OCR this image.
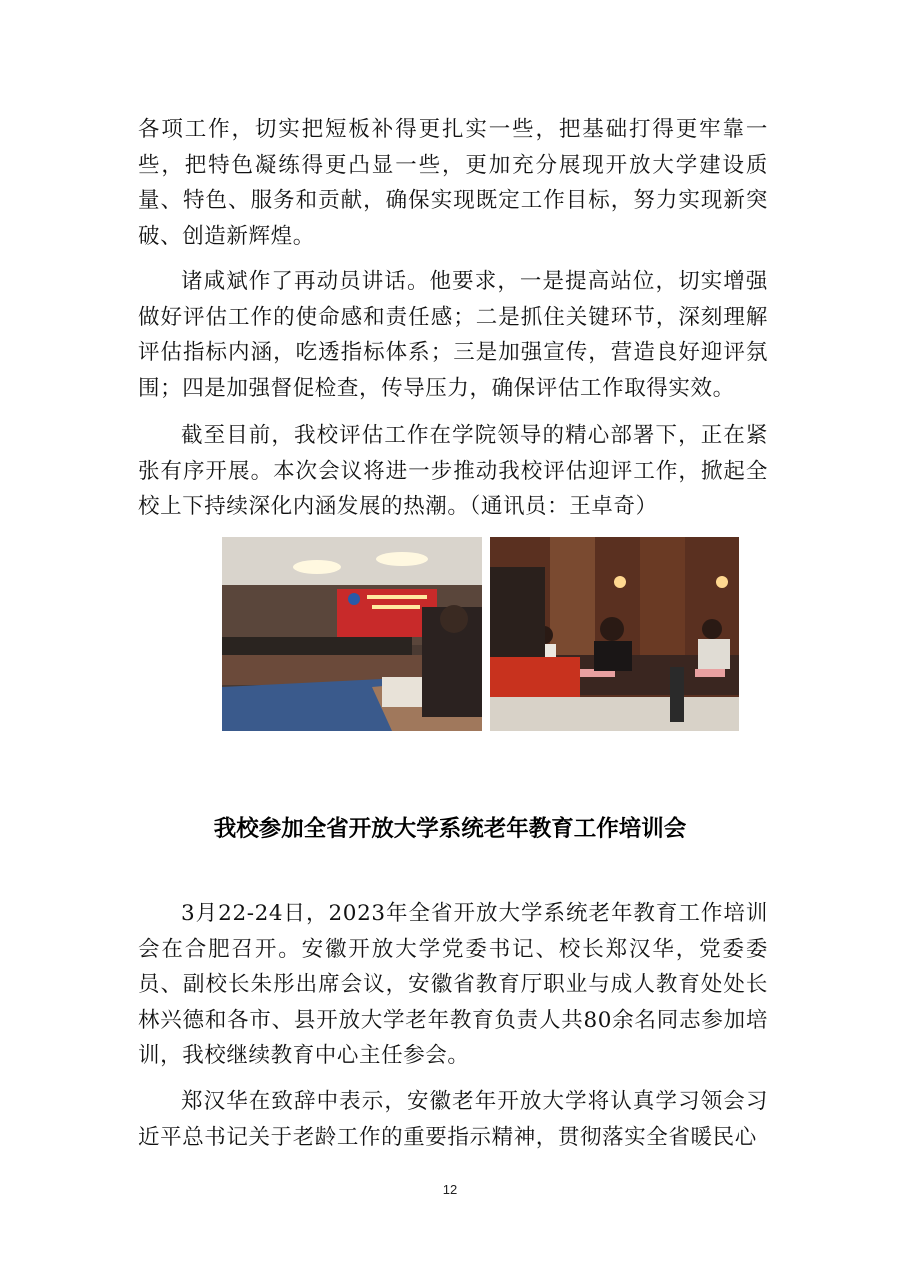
各项工作，切实把短板补得更扎实一些，把基础打得更牢靠一些，把特色凝练得更凸显一些，更加充分展现开放大学建设质量、特色、服务和贡献，确保实现既定工作目标，努力实现新突破、创造新辉煌。

诸咸斌作了再动员讲话。他要求，一是提高站位，切实增强做好评估工作的使命感和责任感；二是抓住关键环节，深刻理解评估指标内涵，吃透指标体系；三是加强宣传，营造良好迎评氛围；四是加强督促检查，传导压力，确保评估工作取得实效。

截至目前，我校评估工作在学院领导的精心部署下，正在紧张有序开展。本次会议将进一步推动我校评估迎评工作，掀起全校上下持续深化内涵发展的热潮。（通讯员：王卓奇）

我校参加全省开放大学系统老年教育工作培训会

3月22-24日，2023年全省开放大学系统老年教育工作培训会在合肥召开。安徽开放大学党委书记、校长郑汉华，党委委员、副校长朱彤出席会议，安徽省教育厅职业与成人教育处处长林兴德和各市、县开放大学老年教育负责人共80余名同志参加培训，我校继续教育中心主任参会。

郑汉华在致辞中表示，安徽老年开放大学将认真学习领会习近平总书记关于老龄工作的重要指示精神，贯彻落实全省暖民心

12
